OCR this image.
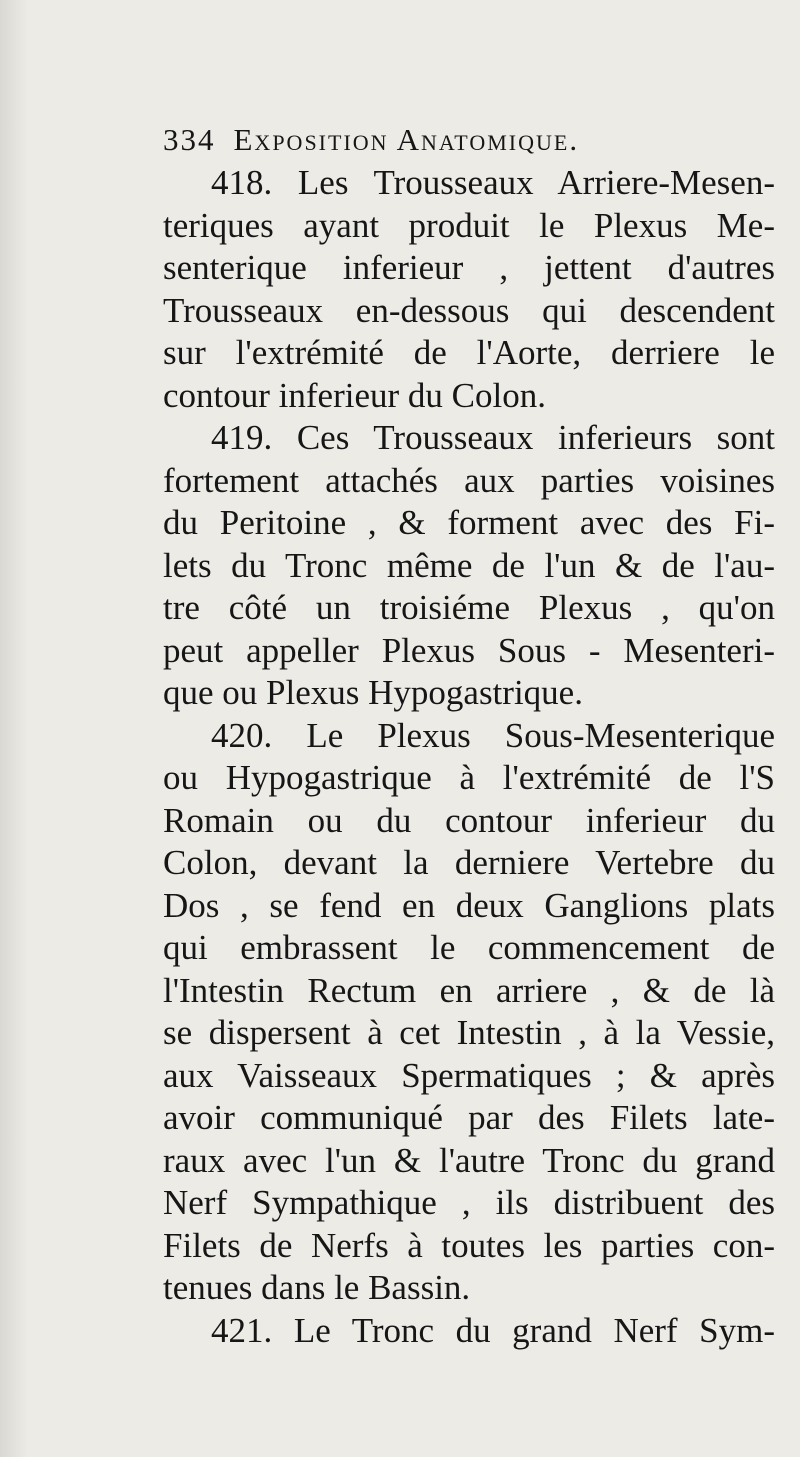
334 Exposition Anatomique.
418. Les Trousseaux Arriere-Mesen-
teriques ayant produit le Plexus Me-
senterique inferieur , jettent d'autres
Trousseaux en-dessous qui descendent
sur l'extrémité de l'Aorte, derriere le
contour inferieur du Colon.
419. Ces Trousseaux inferieurs sont
fortement attachés aux parties voisines
du Peritoine , & forment avec des Fi-
lets du Tronc même de l'un & de l'au-
tre côté un troisiéme Plexus , qu'on
peut appeller Plexus Sous - Mesenteri-
que ou Plexus Hypogastrique.
420. Le Plexus Sous-Mesenterique
ou Hypogastrique à l'extrémité de l'S
Romain ou du contour inferieur du
Colon, devant la derniere Vertebre du
Dos , se fend en deux Ganglions plats
qui embrassent le commencement de
l'Intestin Rectum en arriere , & de là
se dispersent à cet Intestin , à la Vessie,
aux Vaisseaux Spermatiques ; & après
avoir communiqué par des Filets late-
raux avec l'un & l'autre Tronc du grand
Nerf Sympathique , ils distribuent des
Filets de Nerfs à toutes les parties con-
tenues dans le Bassin.
421. Le Tronc du grand Nerf Sym-
